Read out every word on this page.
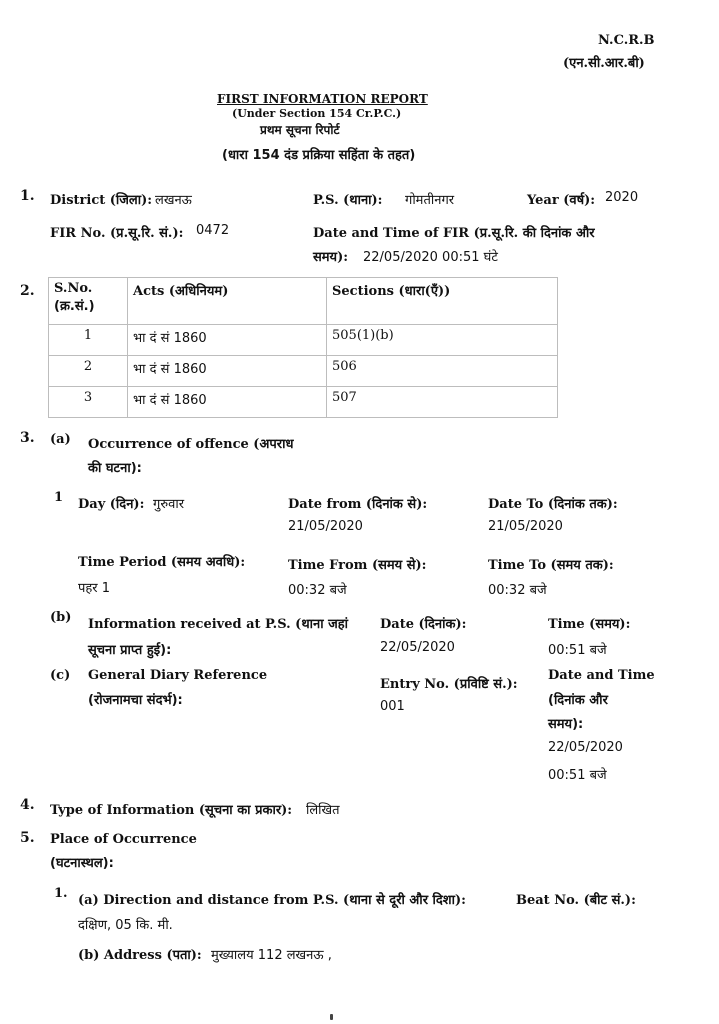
N.C.R.B
(एन.सी.आर.बी)
FIRST INFORMATION REPORT
(Under Section 154 Cr.P.C.)
प्रथम सूचना रिपोर्ट
(धारा 154 दंड प्रक्रिया सहिंता के तहत)
1. District (जिला): लखनऊ	P.S. (थाना): गोमतीनगर	Year (वर्ष): 2020
FIR No. (प्र.सू.रि. सं.): 0472	Date and Time of FIR (प्र.सू.रि. की दिनांक और
समय): 22/05/2020 00:51 घंटे
2. S.No.
(क्र.सं.)	Acts (अधिनियम)	Sections (धारा(एँ))
1	भा दं सं 1860	505(1)(b)
2	भा दं सं 1860	506
3	भा दं सं 1860	507
3. (a) Occurrence of offence (अपराध
की घटना):
1 Day (दिन): गुरुवार	Date from (दिनांक से):
21/05/2020
Date To (दिनांक तक):
21/05/2020
Time Period (समय अवधि):
पहर 1
Time From (समय से):
00:32 बजे
Time To (समय तक):
00:32 बजे
(b) Information received at P.S. (थाना जहां
सूचना प्राप्त हुई):
Date (दिनांक):
22/05/2020
Time (समय):
00:51 बजे
(c) General Diary Reference
(रोजनामचा संदर्भ):
Entry No. (प्रविष्टि सं.):
001
Date and Time
(दिनांक और
समय):
22/05/2020
00:51 बजे
4. Type of Information (सूचना का प्रकार): लिखित
5. Place of Occurrence
(घटनास्थल):
1. (a) Direction and distance from P.S. (थाना से दूरी और दिशा):	Beat No. (बीट सं.):
दक्षिण, 05 कि. मी.
(b) Address (पता): मुख्यालय 112 लखनऊ ,
